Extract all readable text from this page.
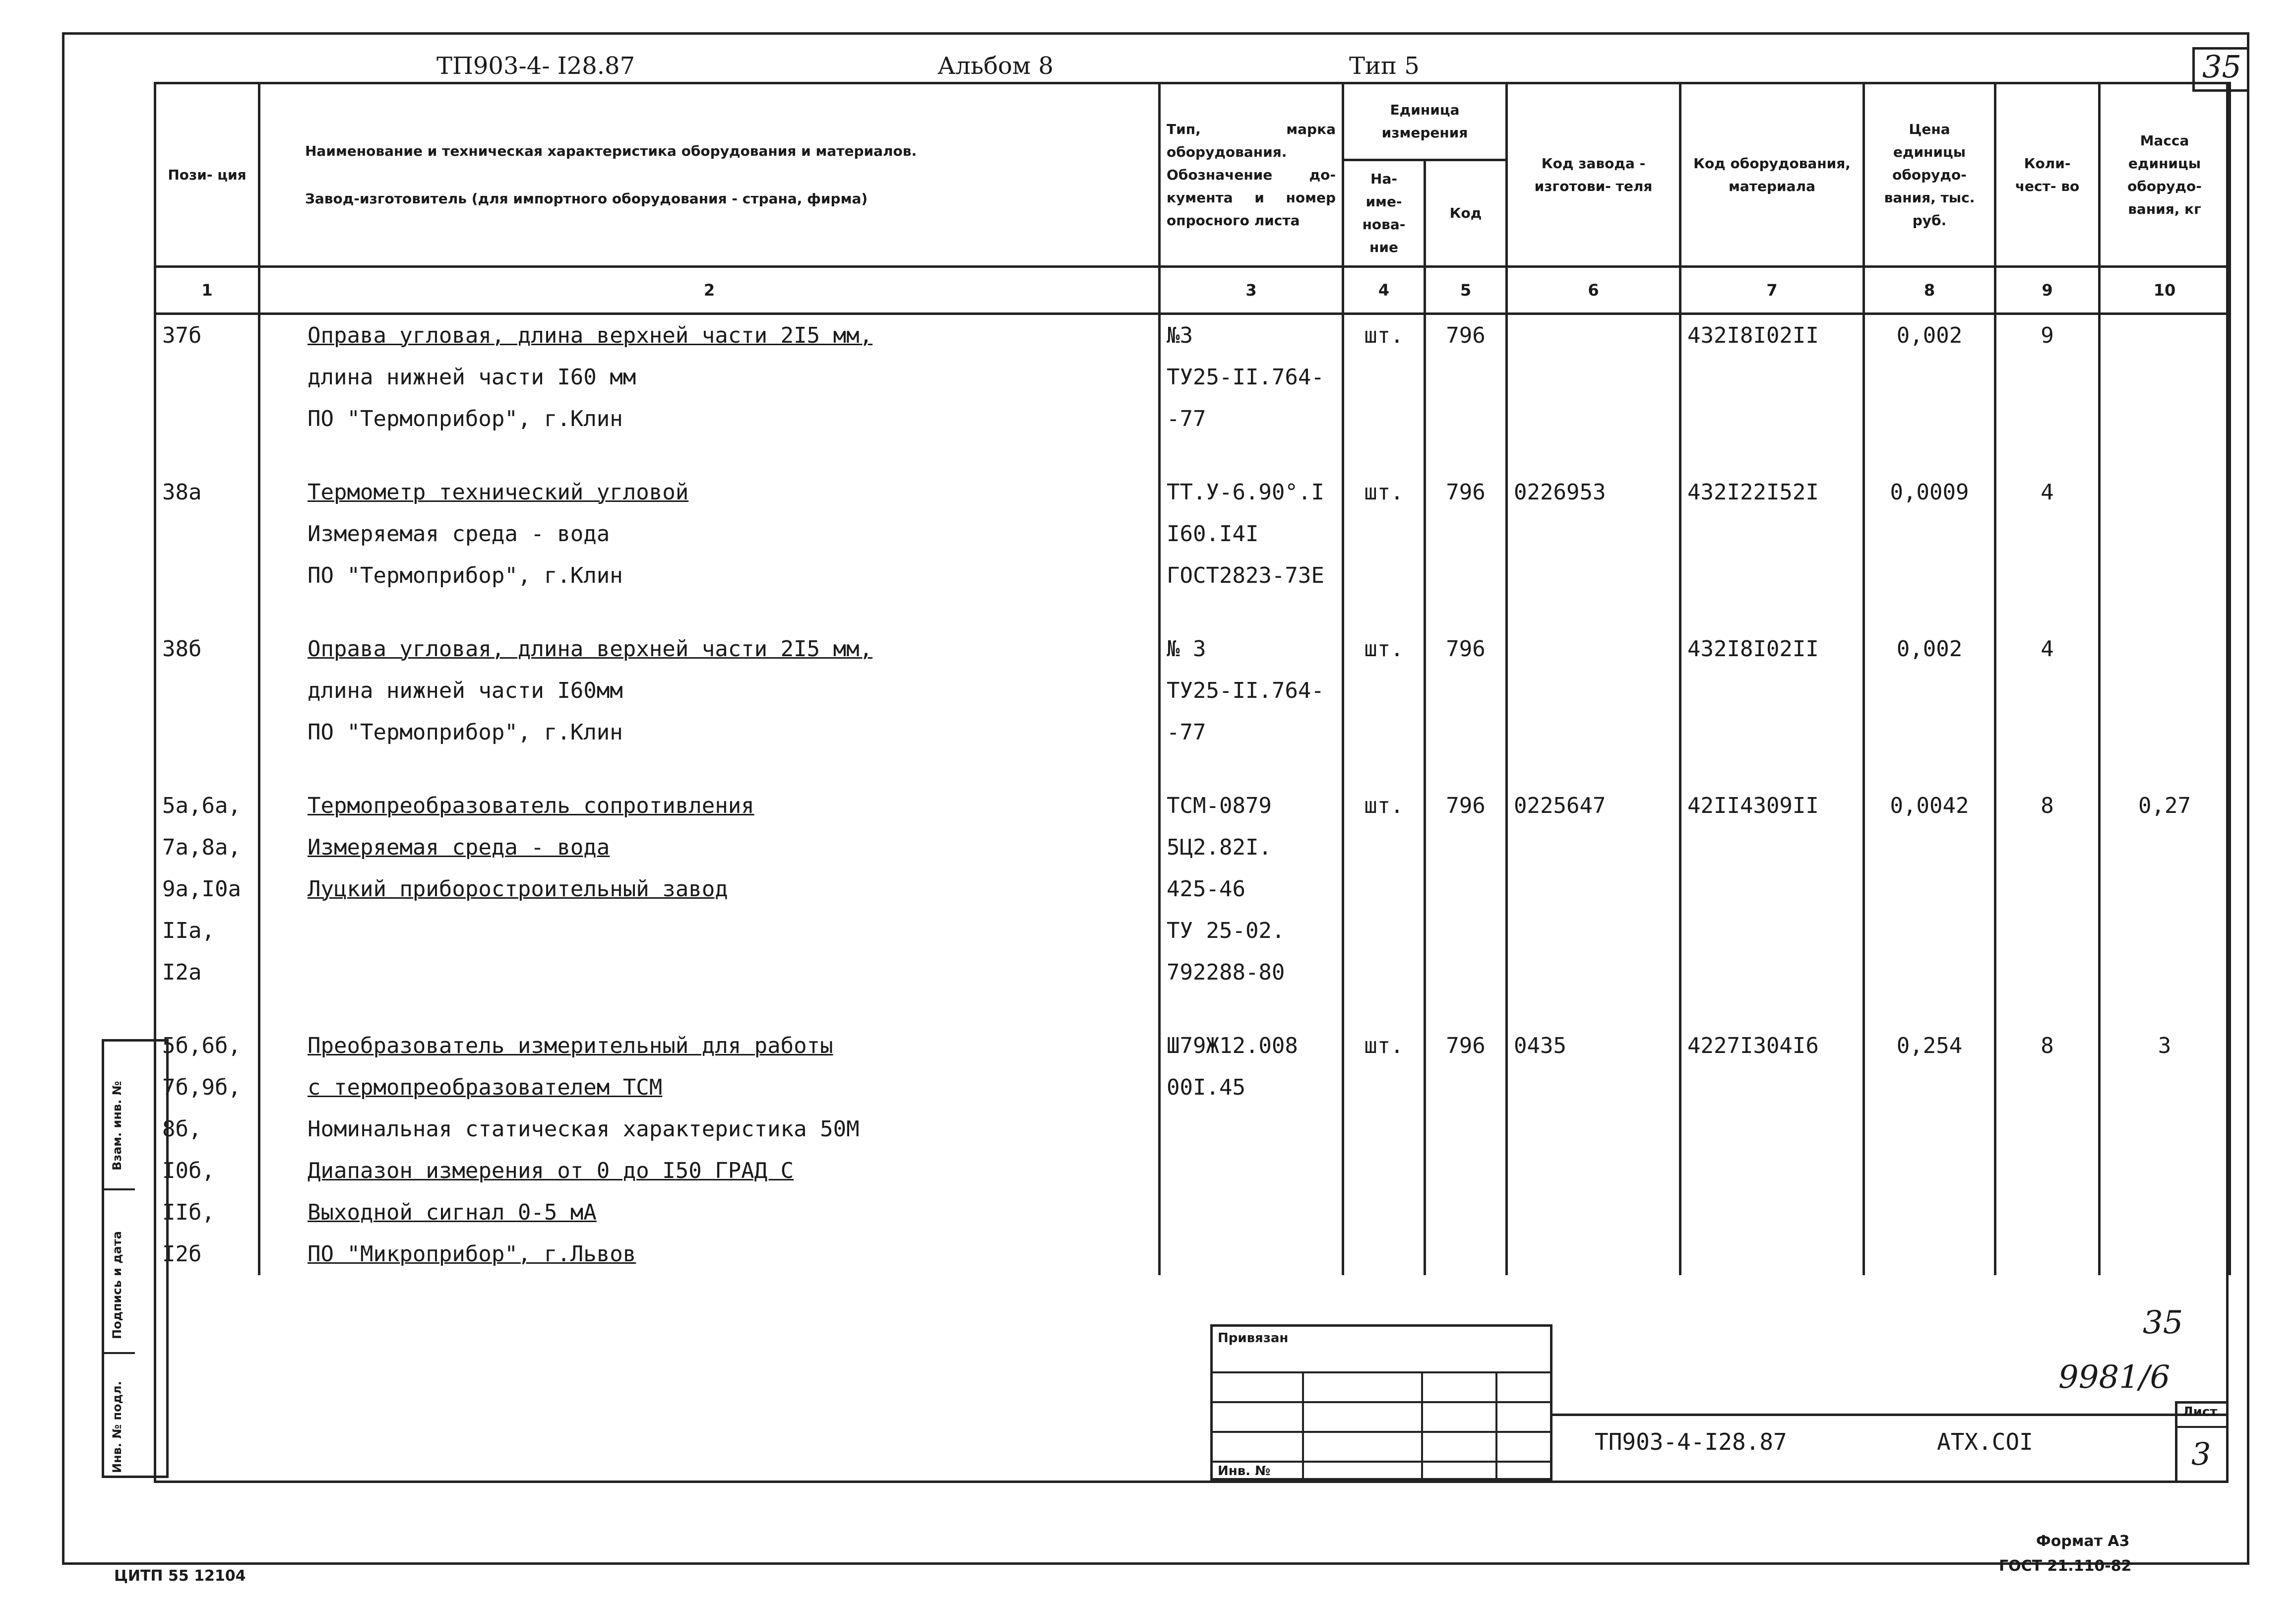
ТП903-4- I28.87	Альбом 8	Тип 5	35
Пози- ция	Наименование и техническая характеристика оборудования и материалов.
Завод-изготовитель (для импортного оборудования - страна, фирма)	Тип, марка оборудования. Обозначение до- кумента и номер опросного листа	Единица измерения		Код завода - изготови- теля	Код оборудования, материала	Цена единицы оборудо- вания, тыс. руб.	Коли- чест- во	Масса единицы оборудо- вания, кг
			На- име- нова- ние	Код					
1	2	3	4	5	6	7	8	9	10
37б	Оправа угловая, длина верхней части 2I5 мм,	№3	шт.	796		432I8I02II	0,002	9	
	длина нижней части I60 мм	ТУ25-II.764-							
	ПО "Термоприбор", г.Клин	-77							

38а	Термометр технический угловой	ТТ.У-6.90°.I	шт.	796	0226953	432I22I52I	0,0009	4	
	Измеряемая среда - вода	I60.I4I							
	ПО "Термоприбор", г.Клин	ГОСТ2823-73Е							

38б	Оправа угловая, длина верхней части 2I5 мм,	№ 3	шт.	796		432I8I02II	0,002	4	
	длина нижней части I60мм	ТУ25-II.764-							
	ПО "Термоприбор", г.Клин	-77							

5а,6а,	Термопреобразователь сопротивления	ТСМ-0879	шт.	796	0225647	42II4309II	0,0042	8	0,27
7а,8а,	Измеряемая среда - вода	5Ц2.82I.							
9а,I0а	Луцкий приборостроительный завод	425-46							
IIа,		ТУ 25-02.							
I2а		792288-80							

5б,6б,	Преобразователь измерительный для работы	Ш79Ж12.008	шт.	796	0435	4227I304I6	0,254	8	3
7б,9б,	с термопреобразователем ТСМ	00I.45							
8б,	Номинальная статическая характеристика 50М								
I0б,	Диапазон измерения от 0 до I50 ГРАД С								
IIб,	Выходной сигнал 0-5 мА								
I2б	ПО "Микроприбор", г.Львов								
Взам. инв. №
Подпись и дата
Инв. № подл.
Привязан
Инв. №
ТП903-4-I28.87	АТХ.СОI
Лист
3
35
9981/6
ЦИТП 55 12104
Формат А3
ГОСТ 21.110-82
